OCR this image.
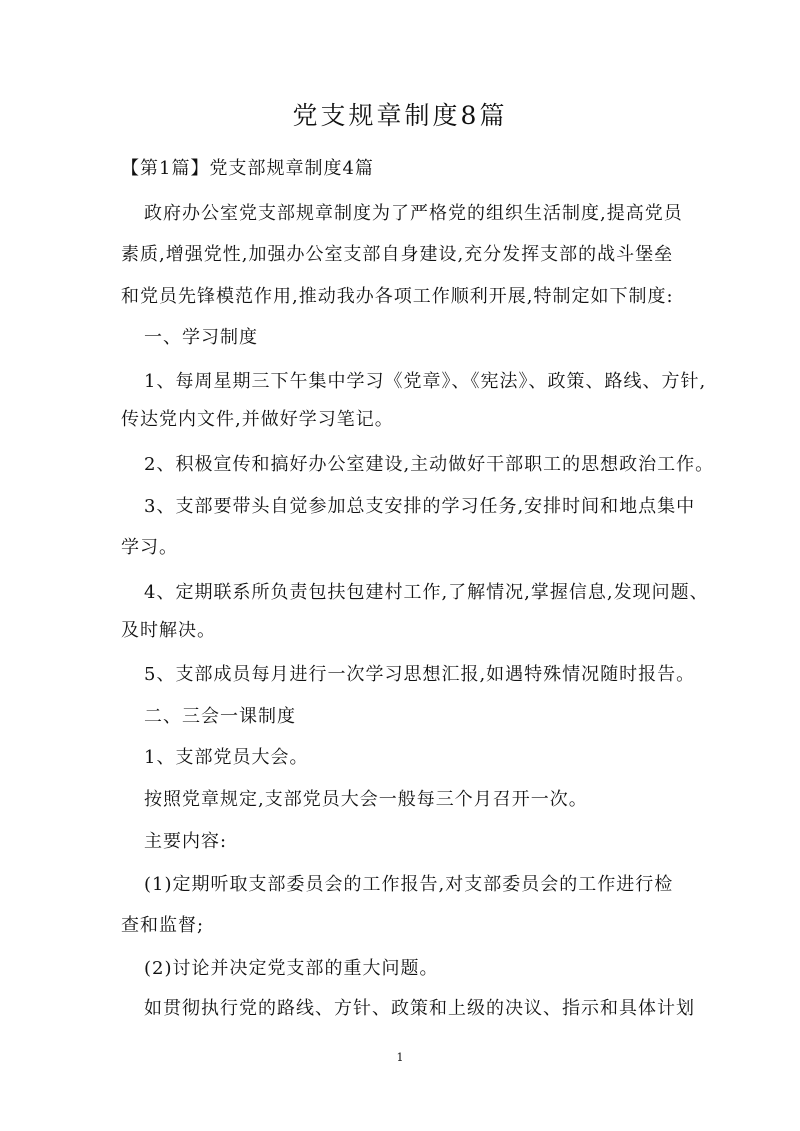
党支规章制度8篇
【第1篇】党支部规章制度4篇
政府办公室党支部规章制度为了严格党的组织生活制度,提高党员
素质,增强党性,加强办公室支部自身建设,充分发挥支部的战斗堡垒
和党员先锋模范作用,推动我办各项工作顺利开展,特制定如下制度:
一、学习制度
1、每周星期三下午集中学习《党章》、《宪法》、政策、路线、方针,
传达党内文件,并做好学习笔记。
2、积极宣传和搞好办公室建设,主动做好干部职工的思想政治工作。
3、支部要带头自觉参加总支安排的学习任务,安排时间和地点集中
学习。
4、定期联系所负责包扶包建村工作,了解情况,掌握信息,发现问题、
及时解决。
5、支部成员每月进行一次学习思想汇报,如遇特殊情况随时报告。
二、三会一课制度
1、支部党员大会。
按照党章规定,支部党员大会一般每三个月召开一次。
主要内容:
(1)定期听取支部委员会的工作报告,对支部委员会的工作进行检
查和监督;
(2)讨论并决定党支部的重大问题。
如贯彻执行党的路线、方针、政策和上级的决议、指示和具体计划
1
